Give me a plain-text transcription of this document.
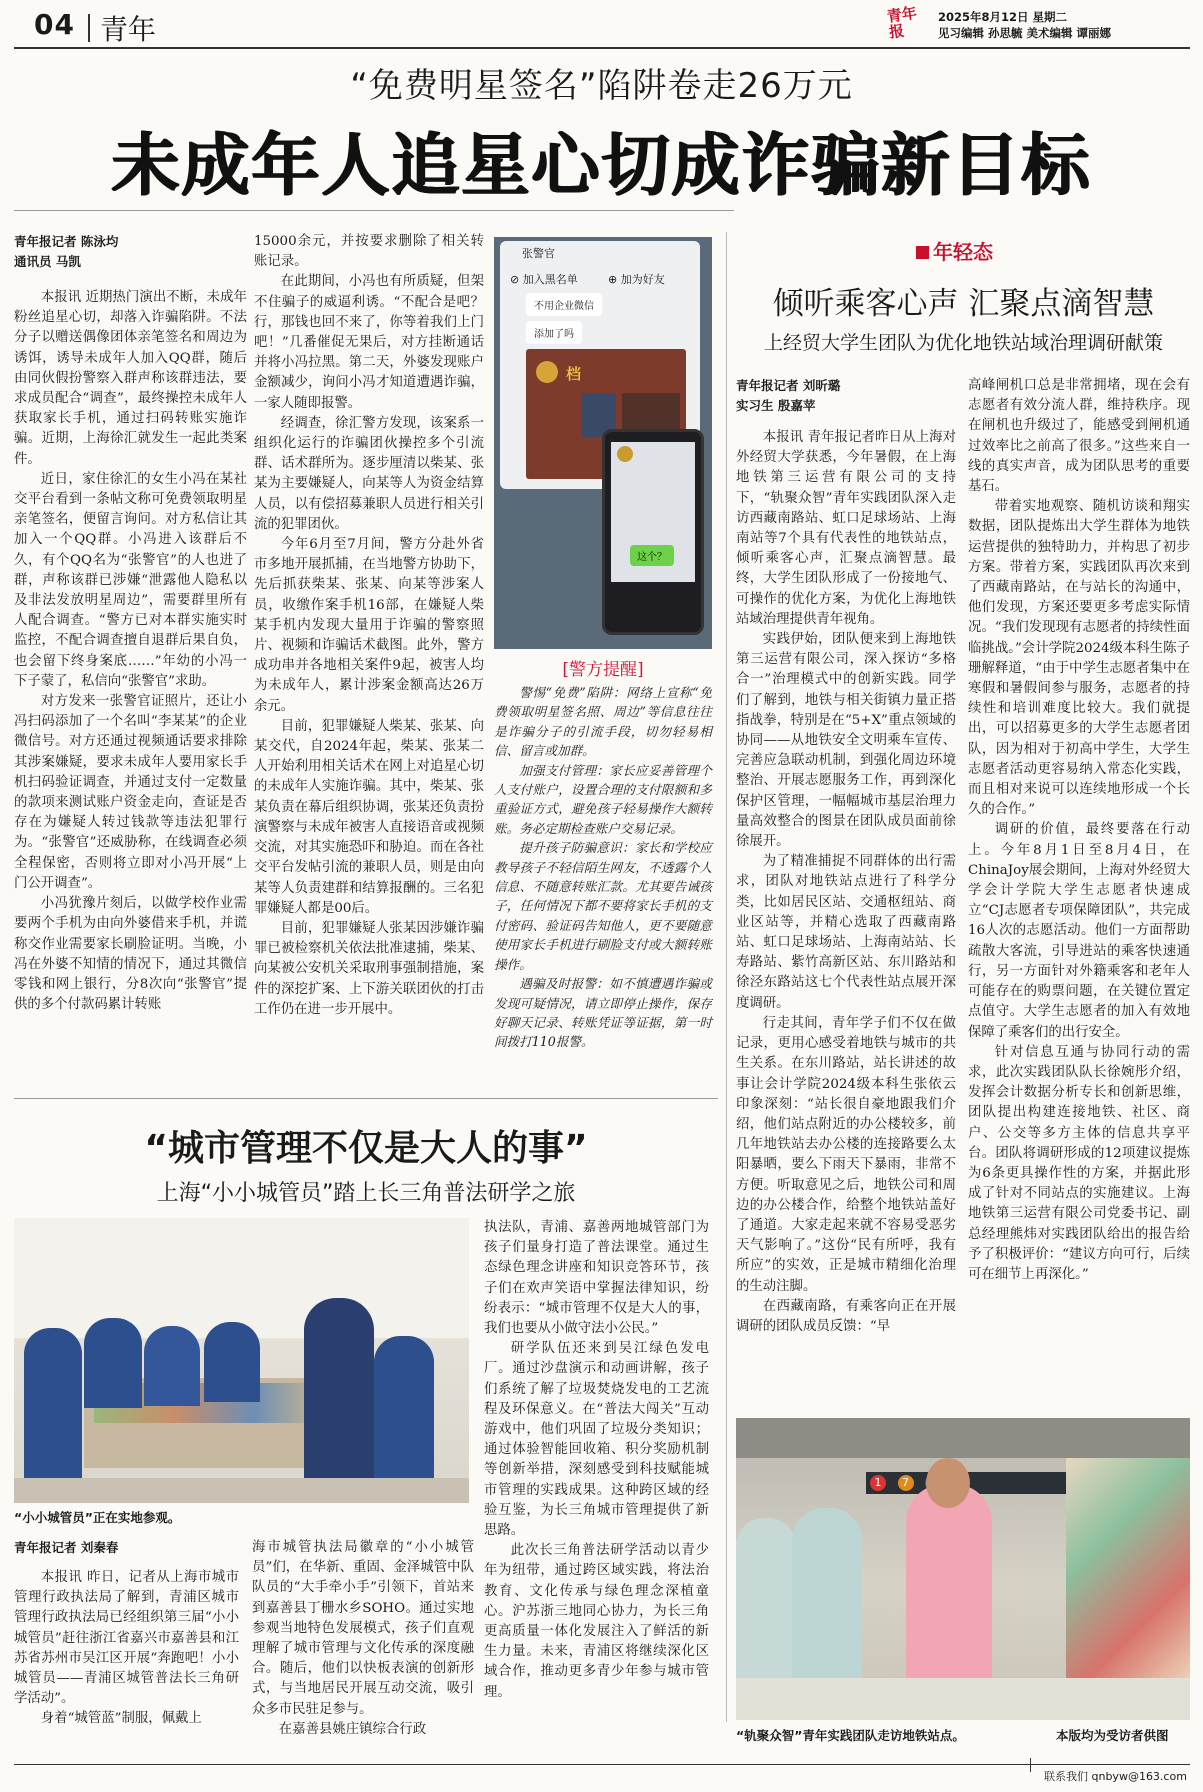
04 青年	青年报
2025年8月12日 星期二
见习编辑 孙思毓 美术编辑 谭丽娜
“免费明星签名”陷阱卷走26万元
未成年人追星心切成诈骗新目标

青年报记者 陈泳均
通讯员 马凯

本报讯 近期热门演出不断，未成年粉丝追星心切，却落入诈骗陷阱。不法分子以赠送偶像团体亲笔签名和周边为诱饵，诱导未成年人加入QQ群，随后由同伙假扮警察入群声称该群违法，要求成员配合“调查”，最终操控未成年人获取家长手机，通过扫码转账实施诈骗。近期，上海徐汇就发生一起此类案件。

近日，家住徐汇的女生小冯在某社交平台看到一条帖文称可免费领取明星亲笔签名，便留言询问。对方私信让其加入一个QQ群。小冯进入该群后不久，有个QQ名为“张警官”的人也进了群，声称该群已涉嫌“泄露他人隐私以及非法发放明星周边”，需要群里所有人配合调查。“警方已对本群实施实时监控，不配合调查擅自退群后果自负，也会留下终身案底……”年幼的小冯一下子蒙了，私信向“张警官”求助。

对方发来一张警官证照片，还让小冯扫码添加了一个名叫“李某某”的企业微信号。对方还通过视频通话要求排除其涉案嫌疑，要求未成年人要用家长手机扫码验证调查，并通过支付一定数量的款项来测试账户资金走向，查证是否存在为嫌疑人转过钱款等违法犯罪行为。“张警官”还威胁称，在线调查必须全程保密，否则将立即对小冯开展“上门公开调查”。

小冯犹豫片刻后，以做学校作业需要两个手机为由向外婆借来手机，并谎称交作业需要家长刷脸证明。当晚，小冯在外婆不知情的情况下，通过其微信零钱和网上银行，分8次向“张警官”提供的多个付款码累计转账

15000余元，并按要求删除了相关转账记录。

在此期间，小冯也有所质疑，但架不住骗子的威逼利诱。“不配合是吧？行，那钱也回不来了，你等着我们上门吧！”几番催促无果后，对方挂断通话并将小冯拉黑。第二天，外婆发现账户金额减少，询问小冯才知道遭遇诈骗，一家人随即报警。

经调查，徐汇警方发现，该案系一组织化运行的诈骗团伙操控多个引流群、话术群所为。逐步厘清以柴某、张某为主要嫌疑人，向某等人为资金结算人员，以有偿招募兼职人员进行相关引流的犯罪团伙。

今年6月至7月间，警方分赴外省市多地开展抓捕，在当地警方协助下，先后抓获柴某、张某、向某等涉案人员，收缴作案手机16部，在嫌疑人柴某手机内发现大量用于诈骗的警察照片、视频和诈骗话术截图。此外，警方成功串并各地相关案件9起，被害人均为未成年人，累计涉案金额高达26万余元。

目前，犯罪嫌疑人柴某、张某、向某交代，自2024年起，柴某、张某二人开始利用相关话术在网上对追星心切的未成年人实施诈骗。其中，柴某、张某负责在幕后组织协调，张某还负责扮演警察与未成年被害人直接语音或视频交流，对其实施恐吓和胁迫。而在各社交平台发帖引流的兼职人员，则是由向某等人负责建群和结算报酬的。三名犯罪嫌疑人都是00后。

目前，犯罪嫌疑人张某因涉嫌诈骗罪已被检察机关依法批准逮捕，柴某、向某被公安机关采取刑事强制措施，案件的深挖扩案、上下游关联团伙的打击工作仍在进一步开展中。

张警官
⊘ 加入黑名单	⊕ 加为好友
不用企业微信
添加了吗
档
这个？
[警方提醒]

警惕“免费”陷阱：网络上宣称“免费领取明星签名照、周边”等信息往往是诈骗分子的引流手段，切勿轻易相信、留言或加群。

加强支付管理：家长应妥善管理个人支付账户，设置合理的支付限额和多重验证方式，避免孩子轻易操作大额转账。务必定期检查账户交易记录。

提升孩子防骗意识：家长和学校应教导孩子不轻信陌生网友，不透露个人信息、不随意转账汇款。尤其要告诫孩子，任何情况下都不要将家长手机的支付密码、验证码告知他人，更不要随意使用家长手机进行刷脸支付或大额转账操作。

遇骗及时报警：如不慎遭遇诈骗或发现可疑情况，请立即停止操作，保存好聊天记录、转账凭证等证据，第一时间拨打110报警。

年轻态
倾听乘客心声 汇聚点滴智慧
上经贸大学生团队为优化地铁站域治理调研献策

青年报记者 刘昕璐
实习生 殷嘉苹

本报讯 青年报记者昨日从上海对外经贸大学获悉，今年暑假，在上海地铁第三运营有限公司的支持下，“轨聚众智”青年实践团队深入走访西藏南路站、虹口足球场站、上海南站等7个具有代表性的地铁站点，倾听乘客心声，汇聚点滴智慧。最终，大学生团队形成了一份接地气、可操作的优化方案，为优化上海地铁站域治理提供青年视角。

实践伊始，团队便来到上海地铁第三运营有限公司，深入探访“多格合一”治理模式中的创新实践。同学们了解到，地铁与相关街镇力量正搭指战拳，特别是在“5+X”重点领域的协同——从地铁安全文明乘车宣传、完善应急联动机制，到强化周边环境整治、开展志愿服务工作，再到深化保护区管理，一幅幅城市基层治理力量高效整合的图景在团队成员面前徐徐展开。

为了精准捕捉不同群体的出行需求，团队对地铁站点进行了科学分类，比如居民区站、交通枢纽站、商业区站等，并精心选取了西藏南路站、虹口足球场站、上海南站站、长寿路站、紫竹高新区站、东川路站和徐泾东路站这七个代表性站点展开深度调研。

行走其间，青年学子们不仅在做记录，更用心感受着地铁与城市的共生关系。在东川路站，站长讲述的故事让会计学院2024级本科生张依云印象深刻：“站长很自豪地跟我们介绍，他们站点附近的办公楼较多，前几年地铁站去办公楼的连接路要么太阳暴晒，要么下雨天下暴雨，非常不方便。听取意见之后，地铁公司和周边的办公楼合作，给整个地铁站盖好了通道。大家走起来就不容易受恶劣天气影响了。”这份“民有所呼，我有所应”的实效，正是城市精细化治理的生动注脚。

在西藏南路，有乘客向正在开展调研的团队成员反馈：“早

高峰闸机口总是非常拥堵，现在会有志愿者有效分流人群，维持秩序。现在闸机也升级过了，能感受到闸机通过效率比之前高了很多。”这些来自一线的真实声音，成为团队思考的重要基石。

带着实地观察、随机访谈和翔实数据，团队提炼出大学生群体为地铁运营提供的独特助力，并构思了初步方案。带着方案，实践团队再次来到了西藏南路站，在与站长的沟通中，他们发现，方案还要更多考虑实际情况。“我们发现现有志愿者的持续性面临挑战。”会计学院2024级本科生陈子珊解释道，“由于中学生志愿者集中在寒假和暑假间参与服务，志愿者的持续性和培训难度比较大。我们就提出，可以招募更多的大学生志愿者团队，因为相对于初高中学生，大学生志愿者活动更容易纳入常态化实践，而且相对来说可以连续地形成一个长久的合作。”

调研的价值，最终要落在行动上。今年8月1日至8月4日，在ChinaJoy展会期间，上海对外经贸大学会计学院大学生志愿者快速成立“CJ志愿者专项保障团队”，共完成16人次的志愿活动。他们一方面帮助疏散大客流，引导进站的乘客快速通行，另一方面针对外籍乘客和老年人可能存在的购票问题，在关键位置定点值守。大学生志愿者的加入有效地保障了乘客们的出行安全。

针对信息互通与协同行动的需求，此次实践团队队长徐婉彤介绍，发挥会计数据分析专长和创新思维，团队提出构建连接地铁、社区、商户、公交等多方主体的信息共享平台。团队将调研形成的12项建议提炼为6条更具操作性的方案，并据此形成了针对不同站点的实施建议。上海地铁第三运营有限公司党委书记、副总经理熊炜对实践团队给出的报告给予了积极评价：“建议方向可行，后续可在细节上再深化。”

1 7
“轨聚众智”青年实践团队走访地铁站点。	本版均为受访者供图
“城市管理不仅是大人的事”
上海“小小城管员”踏上长三角普法研学之旅
“小小城管员”正在实地参观。

青年报记者 刘秦春

本报讯 昨日，记者从上海市城市管理行政执法局了解到，青浦区城市管理行政执法局已经组织第三届“小小城管员”赶往浙江省嘉兴市嘉善县和江苏省苏州市吴江区开展“奔跑吧！小小城管员——青浦区城管普法长三角研学活动”。

身着“城管蓝”制服，佩戴上

海市城管执法局徽章的“小小城管员”们，在华新、重固、金泽城管中队队员的“大手牵小手”引领下，首站来到嘉善县丁栅水乡SOHO。通过实地参观当地特色发展模式，孩子们直观理解了城市管理与文化传承的深度融合。随后，他们以快板表演的创新形式，与当地居民开展互动交流，吸引众多市民驻足参与。

在嘉善县姚庄镇综合行政

执法队，青浦、嘉善两地城管部门为孩子们量身打造了普法课堂。通过生态绿色理念讲座和知识竞答环节，孩子们在欢声笑语中掌握法律知识，纷纷表示：“城市管理不仅是大人的事，我们也要从小做守法小公民。”

研学队伍还来到吴江绿色发电厂。通过沙盘演示和动画讲解，孩子们系统了解了垃圾焚烧发电的工艺流程及环保意义。在“普法大闯关”互动游戏中，他们巩固了垃圾分类知识；通过体验智能回收箱、积分奖励机制等创新举措，深刻感受到科技赋能城市管理的实践成果。这种跨区域的经验互鉴，为长三角城市管理提供了新思路。

此次长三角普法研学活动以青少年为纽带，通过跨区域实践，将法治教育、文化传承与绿色理念深植童心。沪苏浙三地同心协力，为长三角更高质量一体化发展注入了鲜活的新生力量。未来，青浦区将继续深化区域合作，推动更多青少年参与城市管理。

联系我们 qnbyw@163.com
